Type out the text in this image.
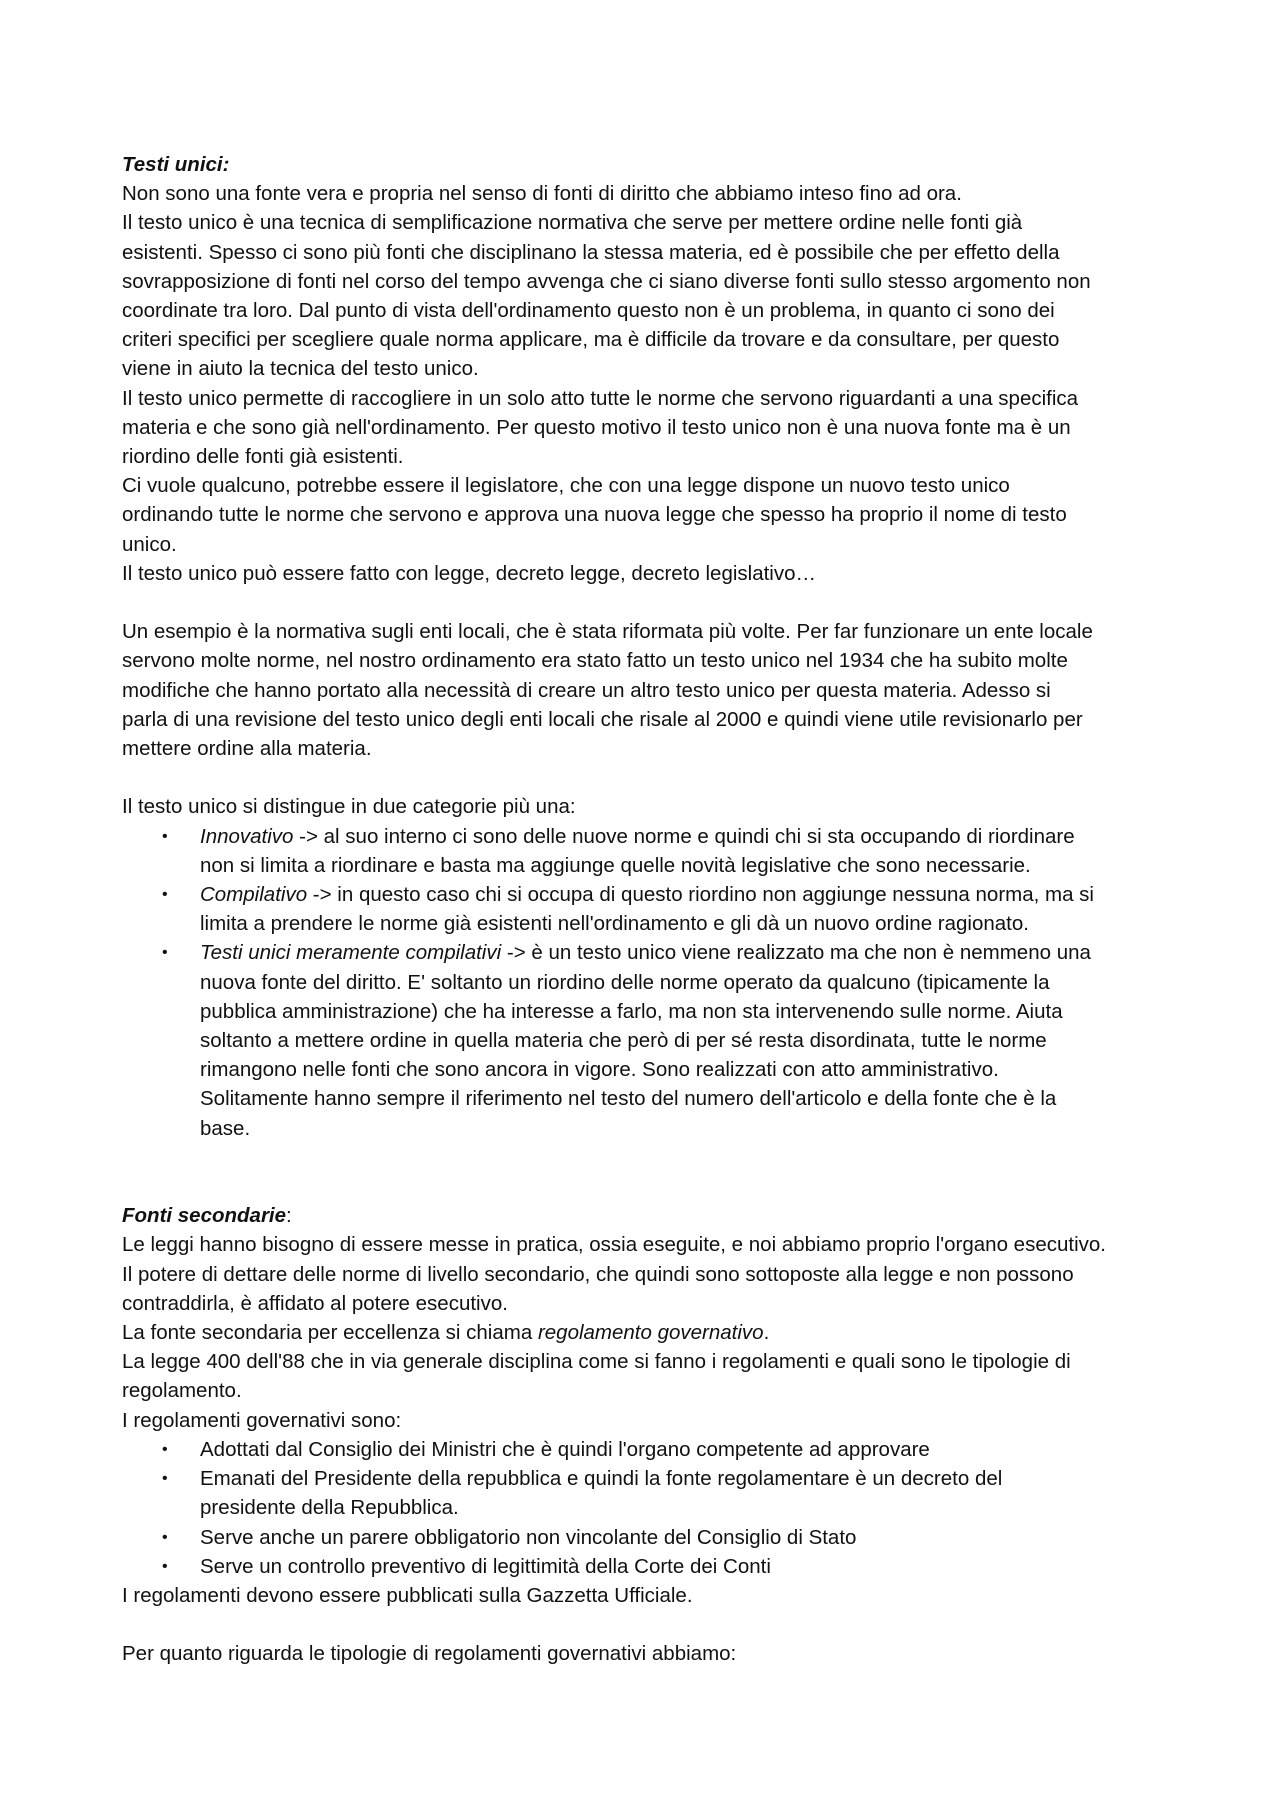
Testi unici:
Non sono una fonte vera e propria nel senso di fonti di diritto che abbiamo inteso fino ad ora.
Il testo unico è una tecnica di semplificazione normativa che serve per mettere ordine nelle fonti già
esistenti. Spesso ci sono più fonti che disciplinano la stessa materia, ed è possibile che per effetto della
sovrapposizione di fonti nel corso del tempo avvenga che ci siano diverse fonti sullo stesso argomento non
coordinate tra loro. Dal punto di vista dell'ordinamento questo non è un problema, in quanto ci sono dei
criteri specifici per scegliere quale norma applicare, ma è difficile da trovare e da consultare, per questo
viene in aiuto la tecnica del testo unico.
Il testo unico permette di raccogliere in un solo atto tutte le norme che servono riguardanti a una specifica
materia e che sono già nell'ordinamento. Per questo motivo il testo unico non è una nuova fonte ma è un
riordino delle fonti già esistenti.
Ci vuole qualcuno, potrebbe essere il legislatore, che con una legge dispone un nuovo testo unico
ordinando tutte le norme che servono e approva una nuova legge che spesso ha proprio il nome di testo
unico.
Il testo unico può essere fatto con legge, decreto legge, decreto legislativo…
Un esempio è la normativa sugli enti locali, che è stata riformata più volte. Per far funzionare un ente locale
servono molte norme, nel nostro ordinamento era stato fatto un testo unico nel 1934 che ha subito molte
modifiche che hanno portato alla necessità di creare un altro testo unico per questa materia. Adesso si
parla di una revisione del testo unico degli enti locali che risale al 2000 e quindi viene utile revisionarlo per
mettere ordine alla materia.
Il testo unico si distingue in due categorie più una:
• Innovativo -> al suo interno ci sono delle nuove norme e quindi chi si sta occupando di riordinare
non si limita a riordinare e basta ma aggiunge quelle novità legislative che sono necessarie.
• Compilativo -> in questo caso chi si occupa di questo riordino non aggiunge nessuna norma, ma si
limita a prendere le norme già esistenti nell'ordinamento e gli dà un nuovo ordine ragionato.
• Testi unici meramente compilativi -> è un testo unico viene realizzato ma che non è nemmeno una
nuova fonte del diritto. E' soltanto un riordino delle norme operato da qualcuno (tipicamente la
pubblica amministrazione) che ha interesse a farlo, ma non sta intervenendo sulle norme. Aiuta
soltanto a mettere ordine in quella materia che però di per sé resta disordinata, tutte le norme
rimangono nelle fonti che sono ancora in vigore. Sono realizzati con atto amministrativo.
Solitamente hanno sempre il riferimento nel testo del numero dell'articolo e della fonte che è la
base.
Fonti secondarie:
Le leggi hanno bisogno di essere messe in pratica, ossia eseguite, e noi abbiamo proprio l'organo esecutivo.
Il potere di dettare delle norme di livello secondario, che quindi sono sottoposte alla legge e non possono
contraddirla, è affidato al potere esecutivo.
La fonte secondaria per eccellenza si chiama regolamento governativo.
La legge 400 dell'88 che in via generale disciplina come si fanno i regolamenti e quali sono le tipologie di
regolamento.
I regolamenti governativi sono:
• Adottati dal Consiglio dei Ministri che è quindi l'organo competente ad approvare
• Emanati del Presidente della repubblica e quindi la fonte regolamentare è un decreto del
presidente della Repubblica.
• Serve anche un parere obbligatorio non vincolante del Consiglio di Stato
• Serve un controllo preventivo di legittimità della Corte dei Conti
I regolamenti devono essere pubblicati sulla Gazzetta Ufficiale.
Per quanto riguarda le tipologie di regolamenti governativi abbiamo:
